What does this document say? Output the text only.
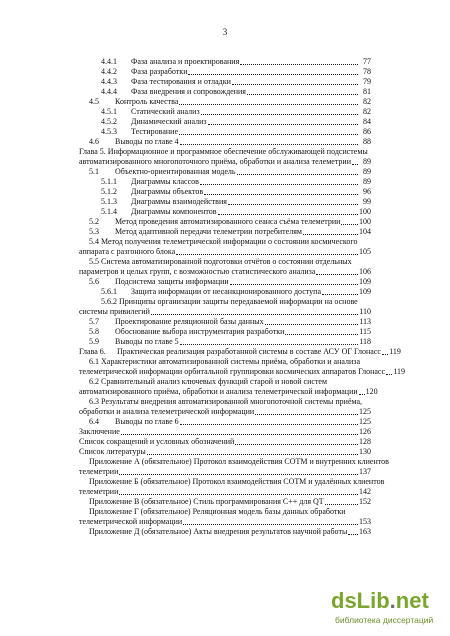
3
4.4.1	Фаза анализа и проектирования	77
4.4.2	Фаза разработки	78
4.4.3	Фаза тестирования и отладки	79
4.4.4	Фаза внедрения и сопровождения	81
4.5	Контроль качества	82
4.5.1	Статический анализ	82
4.5.2	Динамический анализ	84
4.5.3	Тестирование	86
4.6	Выводы по главе 4	88
Глава 5. Информационное и программное обеспечение обслуживающей подсистемы
автоматизированного многопоточного приёма, обработки и анализа телеметрии	89
5.1	Объектно-ориентированная модель	89
5.1.1	Диаграммы классов	89
5.1.2	Диаграммы объектов	96
5.1.3	Диаграммы взаимодействия	99
5.1.4	Диаграммы компонентов	100
5.2	Метод проведения автоматизированного сеанса съёма телеметрии 100
5.3	Метод адаптивной передачи телеметрии потребителям	104
5.4 Метод получения телеметрической информации о состоянии космического
аппарата с разгонного блока	105
5.5 Система автоматизированной подготовки отчётов о состоянии отдельных
параметров и целых групп, с возможностью статистического анализа	106
5.6	Подсистема защиты информации	109
5.6.1	Защита информации от несанкционированного доступа	109
5.6.2 Принципы организации защиты передаваемой информации на основе
системы привилегий	110
5.7	Проектирование реляционной базы данных	113
5.8	Обоснование выбора инструментария разработки	115
5.9	Выводы по главе 5	118
Глава 6.	Практическая реализация разработанной системы в составе АСУ ОГ Глонасс 119
6.1 Характеристики автоматизированной системы приёма, обработки и анализа
телеметрической информации орбитальной группировки космических аппаратов Глонасс 119
6.2 Сравнительный анализ ключевых функций старой и новой систем
автоматизированного приёма, обработки и анализа телеметрической информации 120
6.3 Результаты внедрения автоматизированной многопоточной системы приёма,
обработки и анализа телеметрической информации	125
6.4	Выводы по главе 6	125
Заключение	126
Список сокращений и условных обозначений	128
Список литературы	130
Приложение А (обязательное) Протокол взаимодействия СОТМ и внутренних клиентов
телеметрии	137
Приложение Б (обязательное) Протокол взаимодействия СОТМ и удалённых клиентов
телеметрии	142
Приложение В (обязательное) Стиль программирования С++ для QT	152
Приложение Г (обязательное) Реляционная модель базы данных обработки
телеметрической информации	153
Приложение Д (обязательное) Акты внедрения результатов научной работы 163
dsLib.net
библиотека диссертаций
